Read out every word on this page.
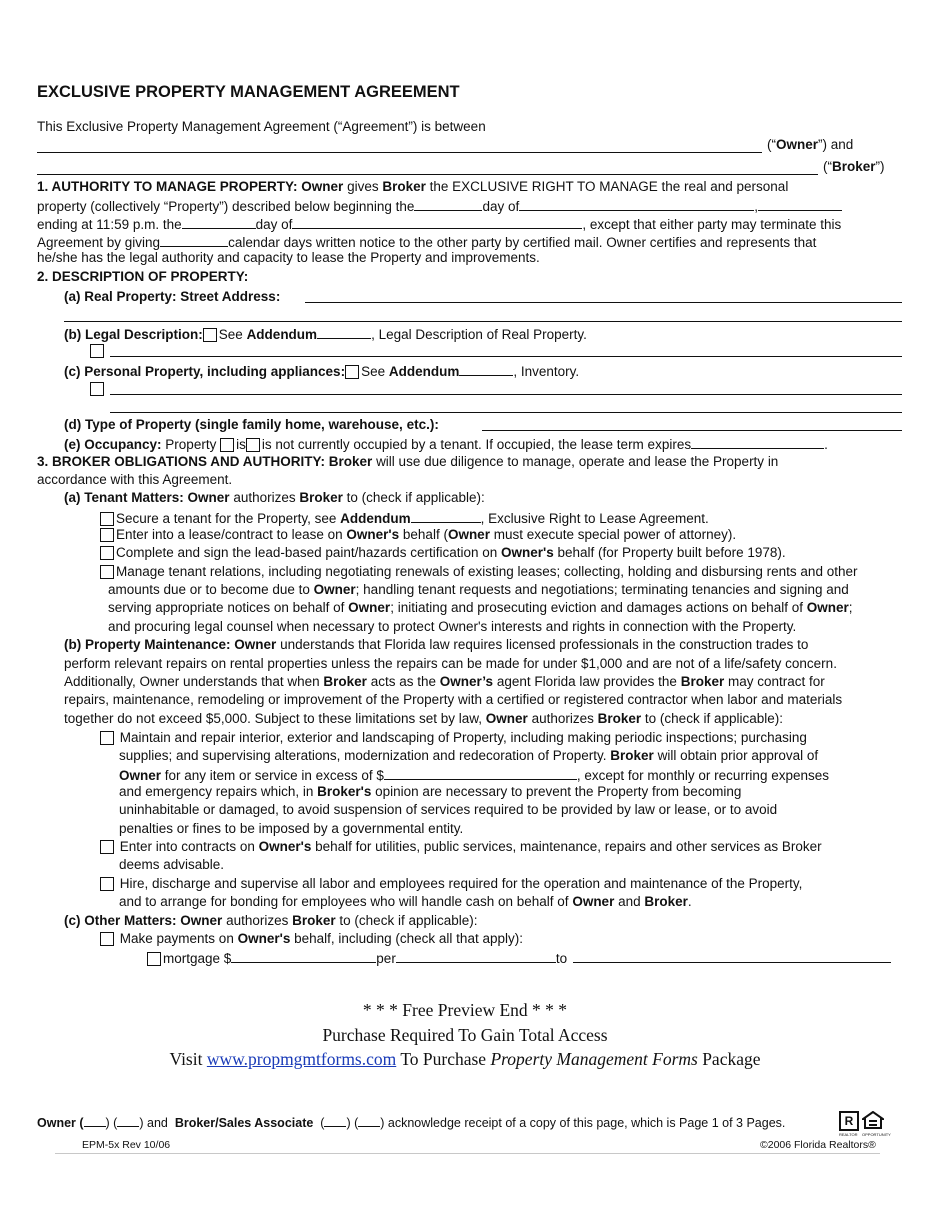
EXCLUSIVE PROPERTY MANAGEMENT AGREEMENT
This Exclusive Property Management Agreement (“Agreement”) is between
(“Owner”) and
(“Broker”)
1. AUTHORITY TO MANAGE PROPERTY: Owner gives Broker the EXCLUSIVE RIGHT TO MANAGE the real and personal
property (collectively “Property”) described below beginning the	day of	,
ending at 11:59 p.m. the	day of	, except that either party may terminate this
Agreement by giving	calendar days written notice to the other party by certified mail. Owner certifies and represents that
he/she has the legal authority and capacity to lease the Property and improvements.
2. DESCRIPTION OF PROPERTY:
(a) Real Property: Street Address:
(b) Legal Description: See Addendum	, Legal Description of Real Property.
(c) Personal Property, including appliances: See Addendum	, Inventory.
(d) Type of Property (single family home, warehouse, etc.):
(e) Occupancy: Property is is not currently occupied by a tenant. If occupied, the lease term expires	.
3. BROKER OBLIGATIONS AND AUTHORITY: Broker will use due diligence to manage, operate and lease the Property in
accordance with this Agreement.
(a) Tenant Matters: Owner authorizes Broker to (check if applicable):
Secure a tenant for the Property, see Addendum	, Exclusive Right to Lease Agreement.
Enter into a lease/contract to lease on Owner's behalf (Owner must execute special power of attorney).
Complete and sign the lead-based paint/hazards certification on Owner's behalf (for Property built before 1978).
Manage tenant relations, including negotiating renewals of existing leases; collecting, holding and disbursing rents and other
amounts due or to become due to Owner; handling tenant requests and negotiations; terminating tenancies and signing and
serving appropriate notices on behalf of Owner; initiating and prosecuting eviction and damages actions on behalf of Owner;
and procuring legal counsel when necessary to protect Owner's interests and rights in connection with the Property.
(b) Property Maintenance: Owner understands that Florida law requires licensed professionals in the construction trades to
perform relevant repairs on rental properties unless the repairs can be made for under $1,000 and are not of a life/safety concern.
Additionally, Owner understands that when Broker acts as the Owner’s agent Florida law provides the Broker may contract for
repairs, maintenance, remodeling or improvement of the Property with a certified or registered contractor when labor and materials
together do not exceed $5,000. Subject to these limitations set by law, Owner authorizes Broker to (check if applicable):
Maintain and repair interior, exterior and landscaping of Property, including making periodic inspections; purchasing
supplies; and supervising alterations, modernization and redecoration of Property. Broker will obtain prior approval of
Owner for any item or service in excess of $	, except for monthly or recurring expenses
and emergency repairs which, in Broker's opinion are necessary to prevent the Property from becoming
uninhabitable or damaged, to avoid suspension of services required to be provided by law or lease, or to avoid
penalties or fines to be imposed by a governmental entity.
Enter into contracts on Owner's behalf for utilities, public services, maintenance, repairs and other services as Broker
deems advisable.
Hire, discharge and supervise all labor and employees required for the operation and maintenance of the Property,
and to arrange for bonding for employees who will handle cash on behalf of Owner and Broker.
(c) Other Matters: Owner authorizes Broker to (check if applicable):
Make payments on Owner's behalf, including (check all that apply):
mortgage $	per	to
* * * Free Preview End * * *
Purchase Required To Gain Total Access
Visit www.propmgmtforms.com To Purchase Property Management Forms Package
Owner ( ) ( ) and Broker/Sales Associate ( ) ( ) acknowledge receipt of a copy of this page, which is Page 1 of 3 Pages.	R
REALTOR OPPORTUNITY
EPM-5x Rev 10/06	©2006 Florida Realtors®
